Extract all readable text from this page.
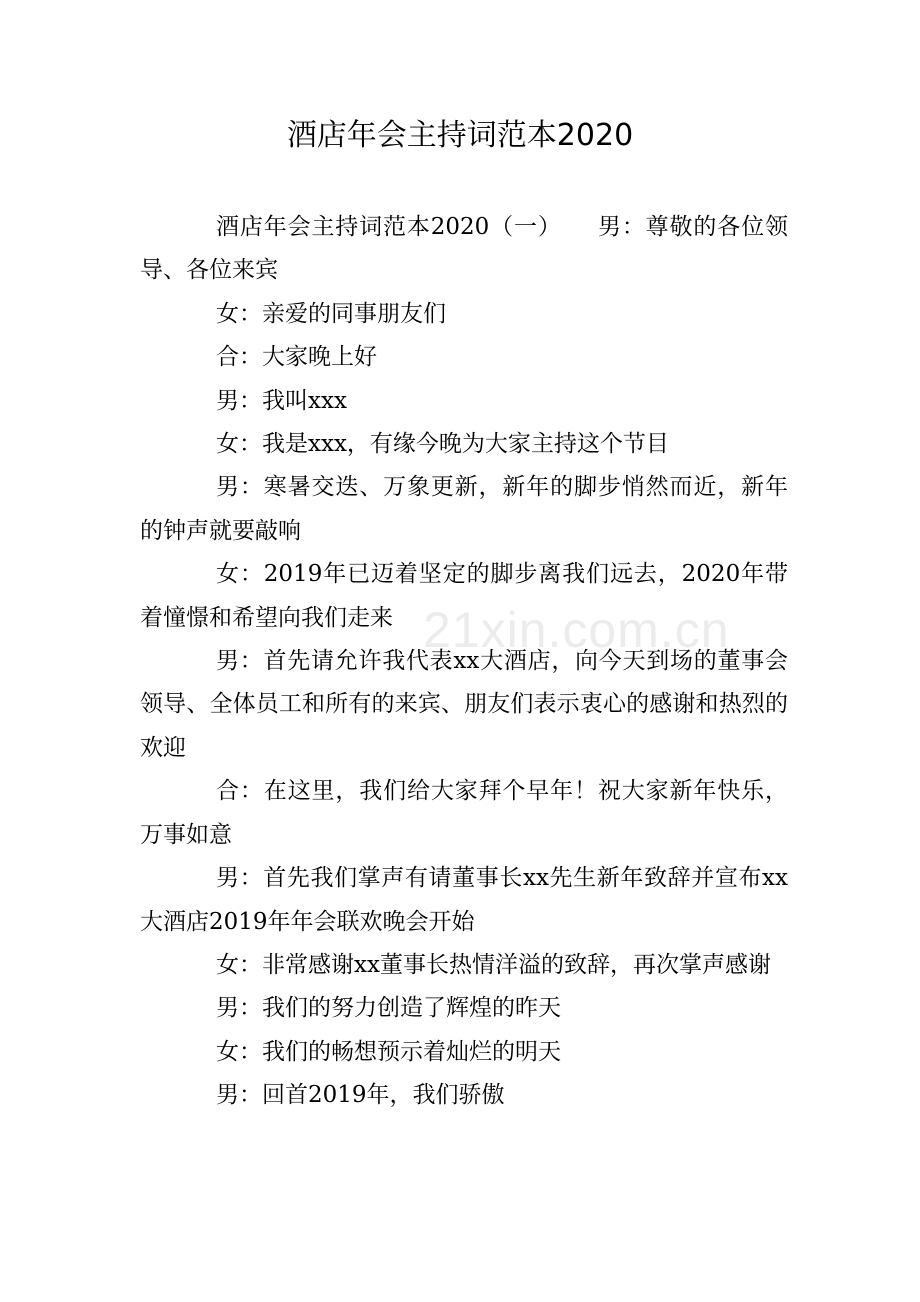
酒店年会主持词范本2020

酒店年会主持词范本2020（一）　　男：尊敬的各位领导、各位来宾

女：亲爱的同事朋友们

合：大家晚上好

男：我叫xxx

女：我是xxx，有缘今晚为大家主持这个节目

男：寒暑交迭、万象更新，新年的脚步悄然而近，新年的钟声就要敲响

女：2019年已迈着坚定的脚步离我们远去，2020年带着憧憬和希望向我们走来

男：首先请允许我代表xx大酒店，向今天到场的董事会领导、全体员工和所有的来宾、朋友们表示衷心的感谢和热烈的欢迎

合：在这里，我们给大家拜个早年！祝大家新年快乐，万事如意

男：首先我们掌声有请董事长xx先生新年致辞并宣布xx大酒店2019年年会联欢晚会开始

女：非常感谢xx董事长热情洋溢的致辞，再次掌声感谢

男：我们的努力创造了辉煌的昨天

女：我们的畅想预示着灿烂的明天

男：回首2019年，我们骄傲

21xin.com.cn
